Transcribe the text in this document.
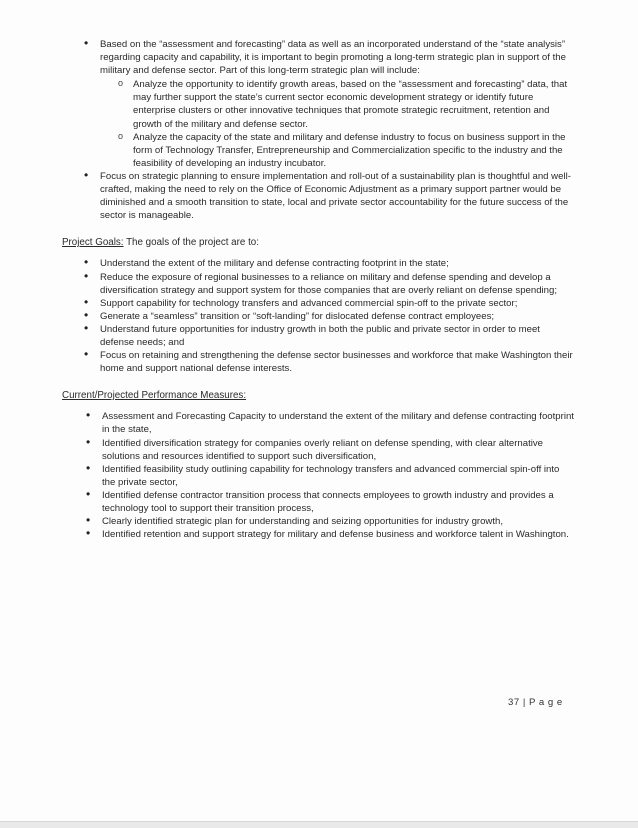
• Based on the “assessment and forecasting” data as well as an incorporated understand of the “state analysis” regarding capacity and capability, it is important to begin promoting a long-term strategic plan in support of the military and defense sector. Part of this long-term strategic plan will include:
o Analyze the opportunity to identify growth areas, based on the “assessment and forecasting” data, that may further support the state’s current sector economic development strategy or identify future enterprise clusters or other innovative techniques that promote strategic recruitment, retention and growth of the military and defense sector.
o Analyze the capacity of the state and military and defense industry to focus on business support in the form of Technology Transfer, Entrepreneurship and Commercialization specific to the industry and the feasibility of developing an industry incubator.
• Focus on strategic planning to ensure implementation and roll-out of a sustainability plan is thoughtful and well-crafted, making the need to rely on the Office of Economic Adjustment as a primary support partner would be diminished and a smooth transition to state, local and private sector accountability for the future success of the sector is manageable.
Project Goals: The goals of the project are to:
• Understand the extent of the military and defense contracting footprint in the state;
• Reduce the exposure of regional businesses to a reliance on military and defense spending and develop a diversification strategy and support system for those companies that are overly reliant on defense spending;
• Support capability for technology transfers and advanced commercial spin-off to the private sector;
• Generate a “seamless” transition or “soft-landing” for dislocated defense contract employees;
• Understand future opportunities for industry growth in both the public and private sector in order to meet defense needs; and
• Focus on retaining and strengthening the defense sector businesses and workforce that make Washington their home and support national defense interests.
Current/Projected Performance Measures:
• Assessment and Forecasting Capacity to understand the extent of the military and defense contracting footprint in the state,
• Identified diversification strategy for companies overly reliant on defense spending, with clear alternative solutions and resources identified to support such diversification,
• Identified feasibility study outlining capability for technology transfers and advanced commercial spin-off into the private sector,
• Identified defense contractor transition process that connects employees to growth industry and provides a technology tool to support their transition process,
• Clearly identified strategic plan for understanding and seizing opportunities for industry growth,
• Identified retention and support strategy for military and defense business and workforce talent in Washington.
37 | P a g e
